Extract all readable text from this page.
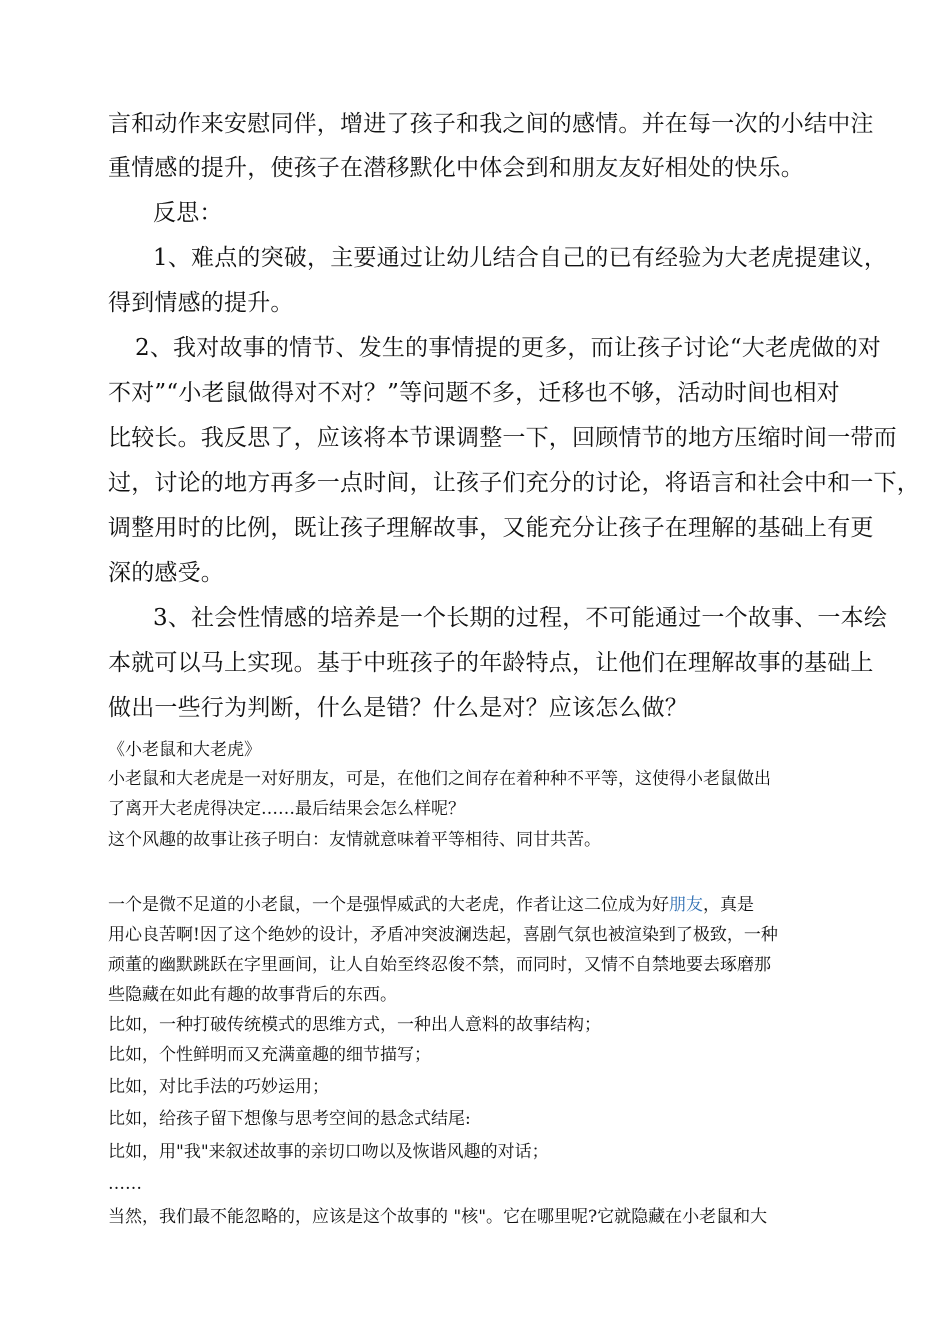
言和动作来安慰同伴，增进了孩子和我之间的感情。并在每一次的小结中注

重情感的提升，使孩子在潜移默化中体会到和朋友友好相处的快乐。

反思：

1、难点的突破，主要通过让幼儿结合自己的已有经验为大老虎提建议，

得到情感的提升。

2、我对故事的情节、发生的事情提的更多，而让孩子讨论“大老虎做的对

不对”“小老鼠做得对不对？”等问题不多，迁移也不够，活动时间也相对

比较长。我反思了，应该将本节课调整一下，回顾情节的地方压缩时间一带而

过，讨论的地方再多一点时间，让孩子们充分的讨论，将语言和社会中和一下，

调整用时的比例，既让孩子理解故事，又能充分让孩子在理解的基础上有更

深的感受。

3、社会性情感的培养是一个长期的过程，不可能通过一个故事、一本绘

本就可以马上实现。基于中班孩子的年龄特点，让他们在理解故事的基础上

做出一些行为判断，什么是错？什么是对？应该怎么做？

《小老鼠和大老虎》

小老鼠和大老虎是一对好朋友，可是，在他们之间存在着种种不平等，这使得小老鼠做出

了离开大老虎得决定……最后结果会怎么样呢？

这个风趣的故事让孩子明白：友情就意味着平等相待、同甘共苦。

一个是微不足道的小老鼠，一个是强悍威武的大老虎，作者让这二位成为好朋友，真是

用心良苦啊!因了这个绝妙的设计，矛盾冲突波澜迭起，喜剧气氛也被渲染到了极致，一种

顽董的幽默跳跃在字里画间，让人自始至终忍俊不禁，而同时，又情不自禁地要去琢磨那

些隐藏在如此有趣的故事背后的东西。

比如，一种打破传统模式的思维方式，一种出人意料的故事结构；

比如，个性鲜明而又充满童趣的细节描写；

比如，对比手法的巧妙运用；

比如，给孩子留下想像与思考空间的悬念式结尾:

比如，用"我"来叙述故事的亲切口吻以及恢谐风趣的对话；

……

当然，我们最不能忽略的，应该是这个故事的 "核"。它在哪里呢?它就隐藏在小老鼠和大
